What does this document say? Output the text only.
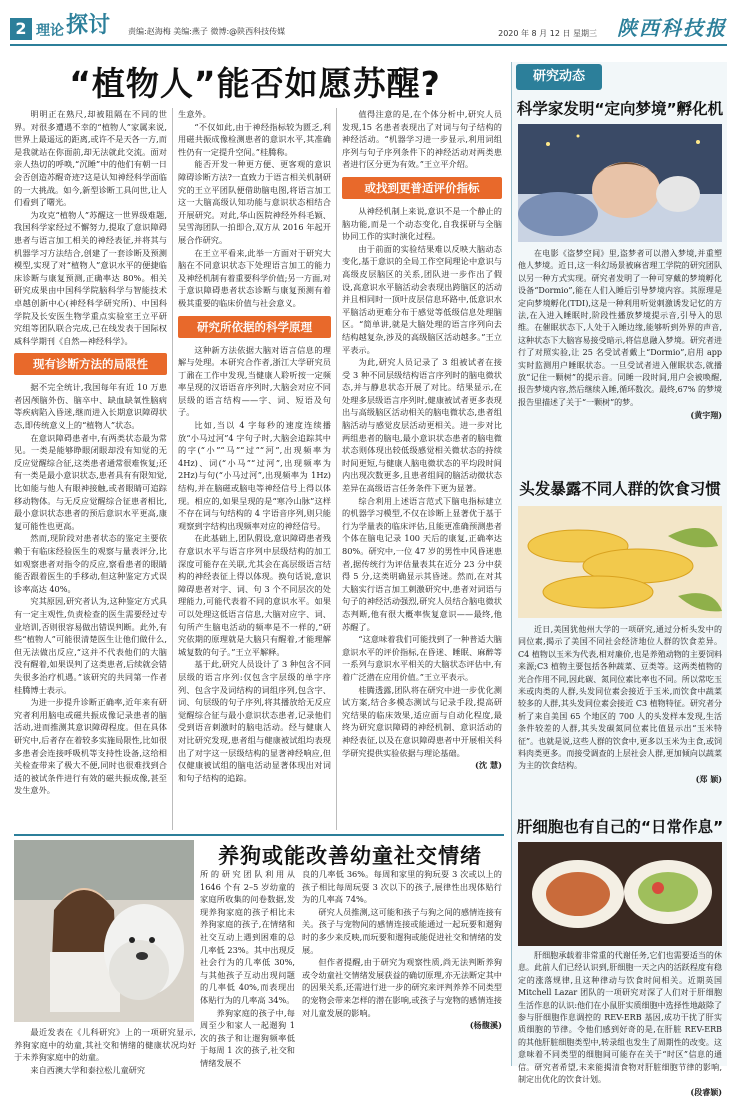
2 理论 探讨 责编:赵海梅 美编:燕子 微博:@陕西科技传媒	2020 年 8 月 12 日 星期三 陕西科技报
“植物人”能否如愿苏醒?

明明正在熟尺,却被阻隔在不同的世界。对很多遭遇不幸的“植物人”家属来说,世界上最遥远的距离,或许不是天各一方,而是我就站在你面前,却无法就此交流。面对亲人热切的呼唤,“沉睡”中的他们有朝一日会否创造苏醒奇迹?这是认知神经科学面临的一大挑战。如今,新型诊断工具问世,让人们看到了曙光。

为攻克“植物人”苏醒这一世界级难题,我国科学家经过不懈努力,提取了意识障碍患者与语言加工相关的神经表征,并将其与机器学习方法结合,创建了一套诊断及预测模型,实现了对“植物人”意识水平的便捷临床诊断与康复预测,正确率达 80%。相关研究成果由中国科学院脑科学与智能技术卓越创新中心(神经科学研究所)、中国科学院及长安医生物学重点实验室王立平研究组等团队联合完成,已在线发表于国际权威科学期刊《自然—神经科学》。

现有诊断方法的局限性

据不完全统计,我国每年有近 10 万患者因颅脑外伤、脑卒中、缺血缺氧性脑病等疾病陷入昏迷,继而进入长期意识障碍状态,即传统意义上的“植物人”状态。

在意识障碍患者中,有两类状态最为常见。一类是能够睁眼闭眼却没有知觉的无反应觉醒综合征,这类患者通常很难恢复;还有一类是最小意识状态,患者具有有限知觉,比如能与他人有眼神接触,或者眼睛可追踪移动物体。与无反应觉醒综合征患者相比,最小意识状态患者的预后意识水平更高,康复可能性也更高。

然而,现阶段对患者状态的鉴定主要依赖于有临床经验医生的观察与量表评分,比如观察患者对指令的反应,察看患者的眼睛能否跟着医生的手移动,但这种鉴定方式误诊率高达 40%。

究其原因,研究者认为,这种鉴定方式具有一定主观性,负责检查的医生需要经过专业培训,否则很容易做出错误判断。此外,有些“植物人”可能很清楚医生让他们做什么,但无法做出反应,“这并不代表他们的大脑没有醒着,如果误判了这类患者,后续就会错失很多治疗机遇。”该研究的共同第一作者桂腾博士表示。

为进一步提升诊断正确率,近年来有研究者利用脑电或磁共振成像记录患者的脑活动,进而推测其意识障碍程度。但在具体研究中,后者存在着较多实施局限性,比如很多患者会连接呼吸机等支持性设备,这给相关检查带来了极大不便,同时也很难找到合适的被试条件进行有效的磁共振成像,甚至发生意外。

生意外。

“不仅如此,由于神经指标较为匮乏,利用磁共振成像检测患者的意识水平,其准确性仍有一定提升空间。”桂腾称。

能否开发一种更方便、更客观的意识障碍诊断方法?一直致力于语言相关机制研究的王立平团队便借助脑电图,将语言加工这一大脑高级认知功能与意识状态相结合开展研究。对此,华山医院神经外科毛颖、吴雪海团队一拍即合,双方从 2016 年起开展合作研究。

在王立平看来,此举一方面对于研究大脑在不同意识状态下处理语言加工的能力及神经机制有着重要科学价值;另一方面,对于意识障碍患者状态诊断与康复预测有着极其重要的临床价值与社会意义。

研究所依据的科学原理

这种新方法依据大脑对语言信息的理解与处理。本研究合作者,浙江大学研究员丁鼐在工作中发现,当健康人聆听按一定频率呈现的汉语语音序列时,大脑会对应不同层级的语言结构——字、词、短语及句子。

比如,当以 4 字每秒的速度连续播放“小马过河”4 字句子时,大脑会追踪其中的字(“小”“马”“过”“河”,出现频率为 4Hz)、词(“小马”“过河”,出现频率为 2Hz)与句(“小马过河”,出现频率为 1Hz)结构,并在脑磁或脑电等神经信号上得以体现。相应的,如果呈现的是“寒冷山脉”这样不存在词与句结构的 4 字语音序列,则只能观察到字结构出现频率对应的神经信号。

在此基础上,团队假设,意识障碍患者残存意识水平与语言序列中层级结构的加工深度可能存在关联,尤其会在高层级语言结构的神经表征上得以体现。换句话说,意识障碍患者对字、词、句 3 个不同层次的处理能力,可能代表着不同的意识水平。如果可以处理这低语言信息,大脑对应字、词、句所产生脑电活动的频率是不一样的,“研究依期的原理就是大脑只有醒着,才能理解城复数的句子。”王立平解释。

基于此,研究人员设计了 3 种包含不同层级的语言序列:仅包含字层级的单字序列、包含字及词结构的词组序列,包含字、词、句层级的句子序列,将其播放给无反应觉醒综合征与最小意识状态患者,记录他们受到语音刺激时的脑电活动。经与健康人对比研究发现,患者组与健康被试组均表现出了对字这一层级结构的显著神经响应,但仅健康被试组的脑电活动显著体现出对词和句子结构的追踪。

值得注意的是,在个体分析中,研究人员发现,15 名患者表现出了对词与句子结构的神经活动。“机器学习进一步显示,利用词组序列与句子序列条件下的神经活动对两类患者进行区分更为有效。”王立平介绍。

或找到更普适评价指标

从神经机制上来说,意识不是一个静止的脑功能,而是一个动态变化,自我探研与全脑协同工作的实时演化过程。

由于前面的实验结果难以反映大脑动态变化,基于意识的全局工作空间理论中意识与高级皮层脑区的关系,团队进一步作出了假设,高意识水平脑活动会表现出跨脑区的活动并且相同时一顶叶皮层信息环路中,低意识水平脑活动更难分布于感觉等低级信息处理脑区。“简单讲,就是大脑处理的语言序列向去结构越复杂,涉及的高级脑区活动越多。”王立平表示。

为此,研究人员记录了 3 组被试者在接受 3 种不同层级结构语言序列时的脑电微状态,并与静息状态开展了对比。结果显示,在处理多层级语言序列时,健康被试者更多表现出与高级脑区活动相关的脑电微状态,患者组脑活动与感觉皮层活动更相关。进一步对比两组患者的脑电,最小意识状态患者的脑电微状态则体现出较低级感觉相关微状态的持续时间更短,与健康人脑电微状态的平均段时间内出现次数更多,且患者组间的脑活动微状态差异在高级语言任务条件下更为显著。

综合利用上述语言范式下脑电指标建立的机器学习模型,不仅在诊断上显著优于基于行为学量表的临床评估,且能更准确预测患者个体在脑电记录 100 天后的康复,正确率达 80%。研究中,一位 47 岁的男性中风昏迷患者,据传统行为评估量表其在近分 23 分中获得 5 分,这类明确显示其昏迷。然而,在对其大脑实行语言加工刺激研究中,患者对词语与句子的神经活动强烈,研究人员结合脑电微状态判断,他有很大概率恢复意识——最终,他苏醒了。

“这意味着我们可能找到了一种普适大脑意识水平的评价指标,在昏迷、睡眠、麻醉等一系列与意识水平相关的大脑状态评估中,有着广泛潜在应用价值。”王立平表示。

桂腾透露,团队将在研究中进一步优化测试方案,结合多模态测试与记录手段,提高研究结果的临床效果,适应面与自动化程度,最终为研究意识障碍的神经机制、意识活动的神经表征,以及在意识障碍患者中开展相关科学研究提供实验依据与理论基础。

(沈 慧)

研究动态
科学家发明“定向梦境”孵化机

在电影《盗梦空间》里,盗梦者可以潜入梦境,并重塑他人梦境。近日,这一科幻场景被麻省理工学院的研究团队以另一种方式实现。研究者发明了一种可穿戴的梦境孵化设备“Dormio”,能在人们入睡后引导梦境内容。其原理是定向梦境孵化(TDI),这是一种利用听觉刺激诱发记忆的方法,在入进入睡眠时,阶段性播放梦境提示音,引导入的思维。在催眠状态下,人处于入睡边缘,能够听到外界的声音,这种状态下大脑容易接受暗示,将信息融入梦境。研究者进行了对照实验,让 25 名受试者戴上“Dormio”,启用 app 实时监测用户睡眠状态。一旦受试者进入催眠状态,就播放“记住一颗树”的提示音。同睡一段时间,用户会被唤醒,报告梦境内容,然后继续入睡,循环数次。最终,67% 的梦境报告里描述了关于“一颗树”的梦。

(黄宇翔)

头发暴露不同人群的饮食习惯

近日,美国犹他州大学的一项研究,通过分析头发中的同位素,揭示了美国不同社会经济地位人群的饮食差异。C4 植物以玉米为代表,相对廉价,也是养殖动物的主要饲料来源;C3 植物主要包括各种蔬菜、豆类等。这两类植物的光合作用不同,因此碳、氮同位素比率也不同。所以常吃玉米或肉类的人群,头发同位素会接近于玉米,而饮食中蔬菜较多的人群,其头发同位素会接近 C3 植物特征。研究者分析了来自美国 65 个地区的 700 人的头发样本发现,生活条件较差的人群,其头发碳氮同位素比值显示出“玉米特征”。也就是说,这些人群的饮食中,更多以玉米为主食,或饲料肉类更多。而接受调查的上层社会人群,更加倾向以蔬菜为主的饮食结构。

(郑 颖)

肝细胞也有自己的“日常作息”

肝细胞承载着非常重的代谢任务,它们也需要适当的休息。此前人们已经认识到,肝细胞一天之内的活跃程度有稳定的涨落规律,且这种律动与饮食时间相关。近期英国 Mitchell Lazar 团队的一项研究对深了人们对于肝细胞生活作息的认识:他们在小鼠肝实质细胞中选择性地敲除了参与肝细胞作息调控的 REV-ERB 基因,成功干扰了肝实质细胞的节律。令他们感到好奇的是,在肝脏 REV-ERB 的其他肝脏细胞类型中,转录组也发生了周期性的改变。这意味着不同类型的细胞间可能存在关于“时区”信息的通信。研究者希望,未来能揭清食物对肝脏细胞节律的影响,制定出优化的饮食计划。

(段睿颖)

养狗或能改善幼童社交情绪

所的研究团队利用从 1646 个有 2–5 岁幼童的家庭所收集的问卷数据,发现养狗家庭的孩子相比未养狗家庭的孩子,在情绪和社交互动上遇到困难的总几率低 23%。其中出现反社会行为的几率低 30%,与其他孩子互动出现问题的几率低 40%,而表现出体贴行为的几率高 34%。

养狗家庭的孩子中,每周至少和家人一起遛狗 1 次的孩子和让遛狗频率低于每周 1 次的孩子,社交和情绪发展不

良的几率低 36%。每周和家里的狗玩耍 3 次或以上的孩子相比每周玩耍 3 次以下的孩子,展律性出现体贴行为的几率高 74%。

研究人员推测,这可能和孩子与狗之间的感情连接有关。孩子与宠物间的感情连接或能通过一起玩要和遛狗时的多少来反映,而玩要和遛狗或能促进社交和情绪的发展。

但作者提醒,由于研究为观察性质,尚无法判断养狗或令幼童社交情绪发展获益的确切原理,亦无法断定其中的因果关系,还需进行进一步的研究来评判养养不同类型的宠物会带来怎样的潜在影响,或孩子与宠物的感情连接对儿童发展的影响。

(杨馥溪)

最近发表在《儿科研究》上的一项研究显示,养狗家庭中的幼童,其社交和情绪的健康状况均好于未养狗家庭中的幼童。

来自西澳大学和泰拉松儿童研究
